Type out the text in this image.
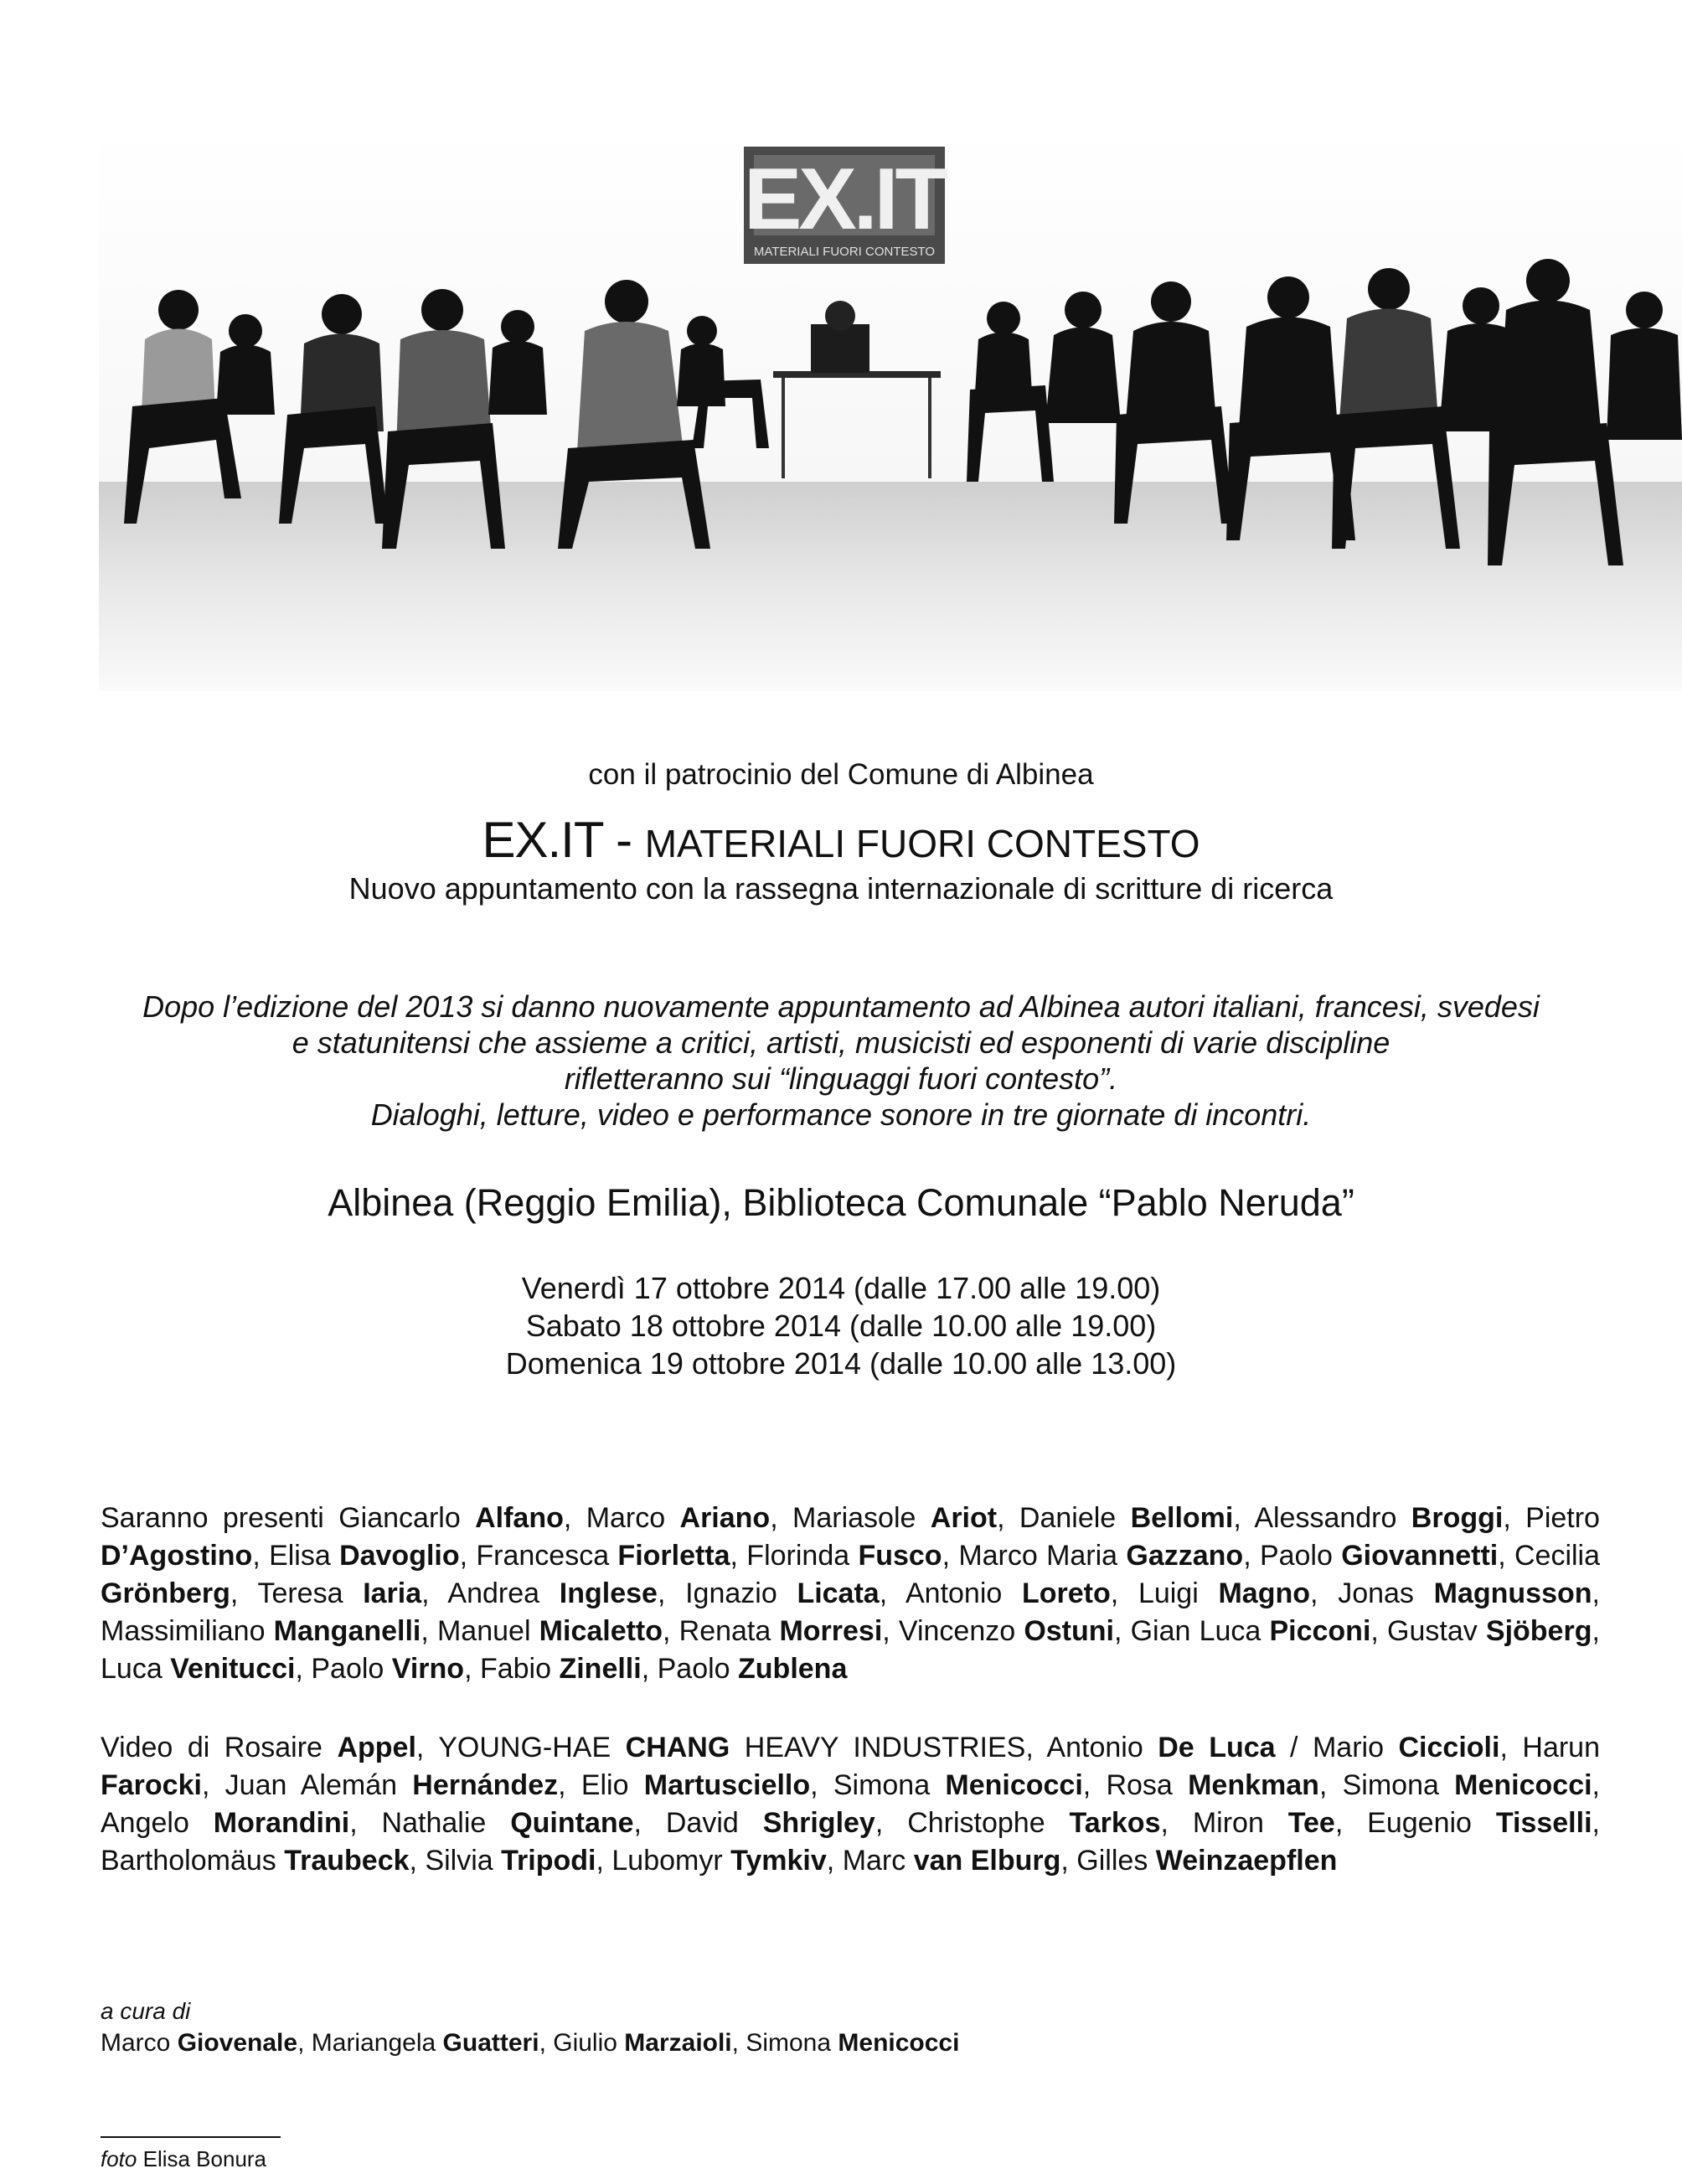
EX.IT
MATERIALI FUORI CONTESTO
con il patrocinio del Comune di Albinea
EX.IT - MATERIALI FUORI CONTESTO
Nuovo appuntamento con la rassegna internazionale di scritture di ricerca
Dopo l’edizione del 2013 si danno nuovamente appuntamento ad Albinea autori italiani, francesi, svedesi
e statunitensi che assieme a critici, artisti, musicisti ed esponenti di varie discipline
rifletteranno sui “linguaggi fuori contesto”.
Dialoghi, letture, video e performance sonore in tre giornate di incontri.
Albinea (Reggio Emilia), Biblioteca Comunale “Pablo Neruda”
Venerdì 17 ottobre 2014 (dalle 17.00 alle 19.00)
Sabato 18 ottobre 2014 (dalle 10.00 alle 19.00)
Domenica 19 ottobre 2014 (dalle 10.00 alle 13.00)
Saranno presenti Giancarlo Alfano, Marco Ariano, Mariasole Ariot, Daniele Bellomi, Alessandro Broggi, Pietro D’Agostino, Elisa Davoglio, Francesca Fiorletta, Florinda Fusco, Marco Maria Gazzano, Paolo Giovannetti, Cecilia Grönberg, Teresa Iaria, Andrea Inglese, Ignazio Licata, Antonio Loreto, Luigi Magno, Jonas Magnusson, Massimiliano Manganelli, Manuel Micaletto, Renata Morresi, Vincenzo Ostuni, Gian Luca Picconi, Gustav Sjöberg, Luca Venitucci, Paolo Virno, Fabio Zinelli, Paolo Zublena
Video di Rosaire Appel, YOUNG-HAE CHANG HEAVY INDUSTRIES, Antonio De Luca / Mario Ciccioli, Harun Farocki, Juan Alemán Hernández, Elio Martusciello, Simona Menicocci, Rosa Menkman, Simona Menicocci, Angelo Morandini, Nathalie Quintane, David Shrigley, Christophe Tarkos, Miron Tee, Eugenio Tisselli, Bartholomäus Traubeck, Silvia Tripodi, Lubomyr Tymkiv, Marc van Elburg, Gilles Weinzaepflen
a cura di
Marco Giovenale, Mariangela Guatteri, Giulio Marzaioli, Simona Menicocci
foto Elisa Bonura
